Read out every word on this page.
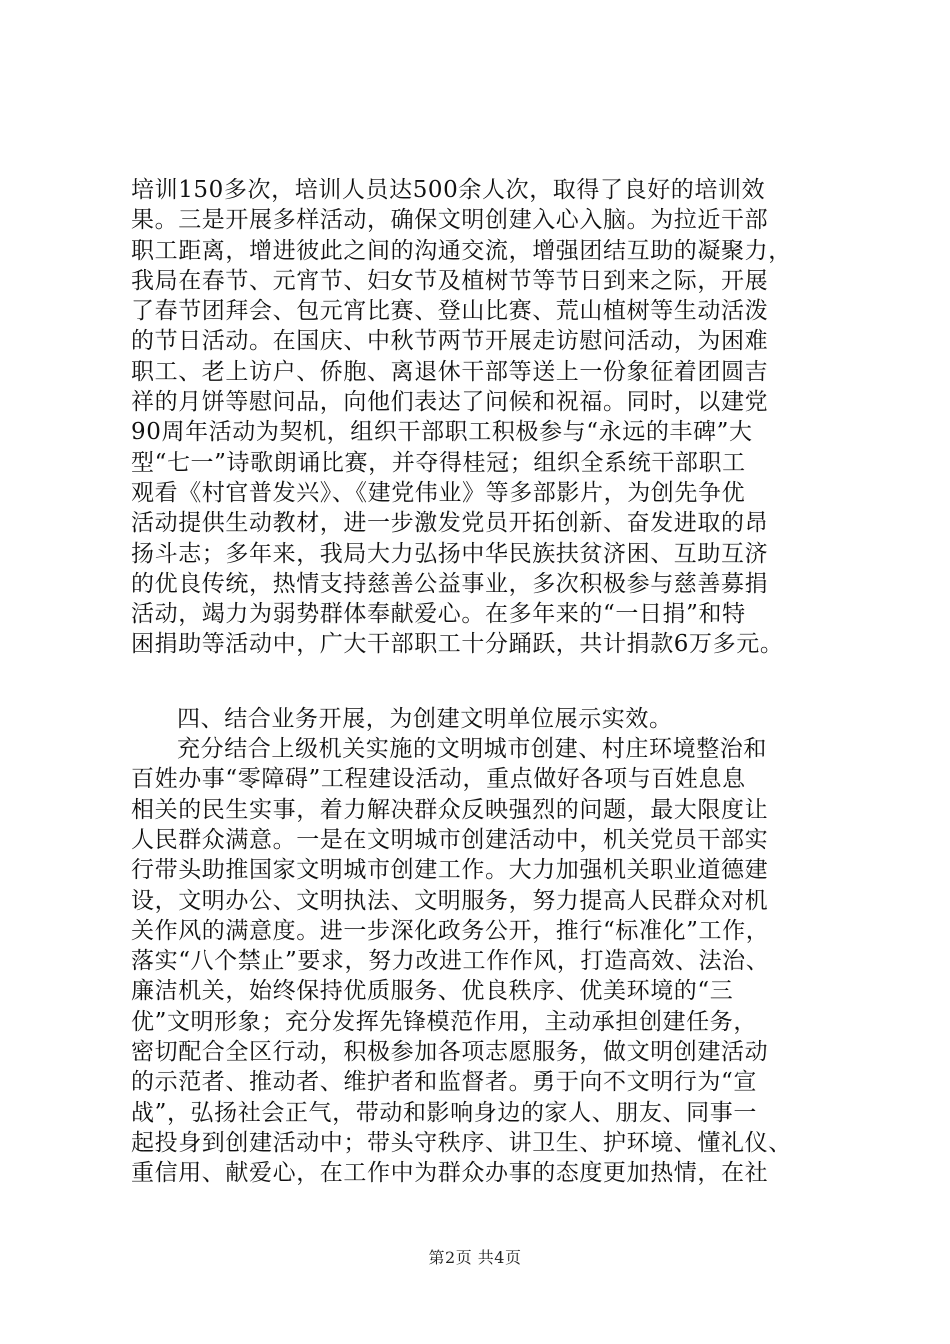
培训150多次，培训人员达500余人次，取得了良好的培训效
果。三是开展多样活动，确保文明创建入心入脑。为拉近干部
职工距离，增进彼此之间的沟通交流，增强团结互助的凝聚力，
我局在春节、元宵节、妇女节及植树节等节日到来之际，开展
了春节团拜会、包元宵比赛、登山比赛、荒山植树等生动活泼
的节日活动。在国庆、中秋节两节开展走访慰问活动，为困难
职工、老上访户、侨胞、离退休干部等送上一份象征着团圆吉
祥的月饼等慰问品，向他们表达了问候和祝福。同时，以建党
90周年活动为契机，组织干部职工积极参与“永远的丰碑”大
型“七一”诗歌朗诵比赛，并夺得桂冠；组织全系统干部职工
观看《村官普发兴》、《建党伟业》等多部影片，为创先争优
活动提供生动教材，进一步激发党员开拓创新、奋发进取的昂
扬斗志；多年来，我局大力弘扬中华民族扶贫济困、互助互济
的优良传统，热情支持慈善公益事业，多次积极参与慈善募捐
活动，竭力为弱势群体奉献爱心。在多年来的“一日捐”和特
困捐助等活动中，广大干部职工十分踊跃，共计捐款6万多元。
四、结合业务开展，为创建文明单位展示实效。
充分结合上级机关实施的文明城市创建、村庄环境整治和
百姓办事“零障碍”工程建设活动，重点做好各项与百姓息息
相关的民生实事，着力解决群众反映强烈的问题，最大限度让
人民群众满意。一是在文明城市创建活动中，机关党员干部实
行带头助推国家文明城市创建工作。大力加强机关职业道德建
设，文明办公、文明执法、文明服务，努力提高人民群众对机
关作风的满意度。进一步深化政务公开，推行“标准化”工作，
落实“八个禁止”要求，努力改进工作作风，打造高效、法治、
廉洁机关，始终保持优质服务、优良秩序、优美环境的“三
优”文明形象；充分发挥先锋模范作用，主动承担创建任务，
密切配合全区行动，积极参加各项志愿服务，做文明创建活动
的示范者、推动者、维护者和监督者。勇于向不文明行为“宣
战”，弘扬社会正气，带动和影响身边的家人、朋友、同事一
起投身到创建活动中；带头守秩序、讲卫生、护环境、懂礼仪、
重信用、献爱心，在工作中为群众办事的态度更加热情，在社
第2页 共4页
